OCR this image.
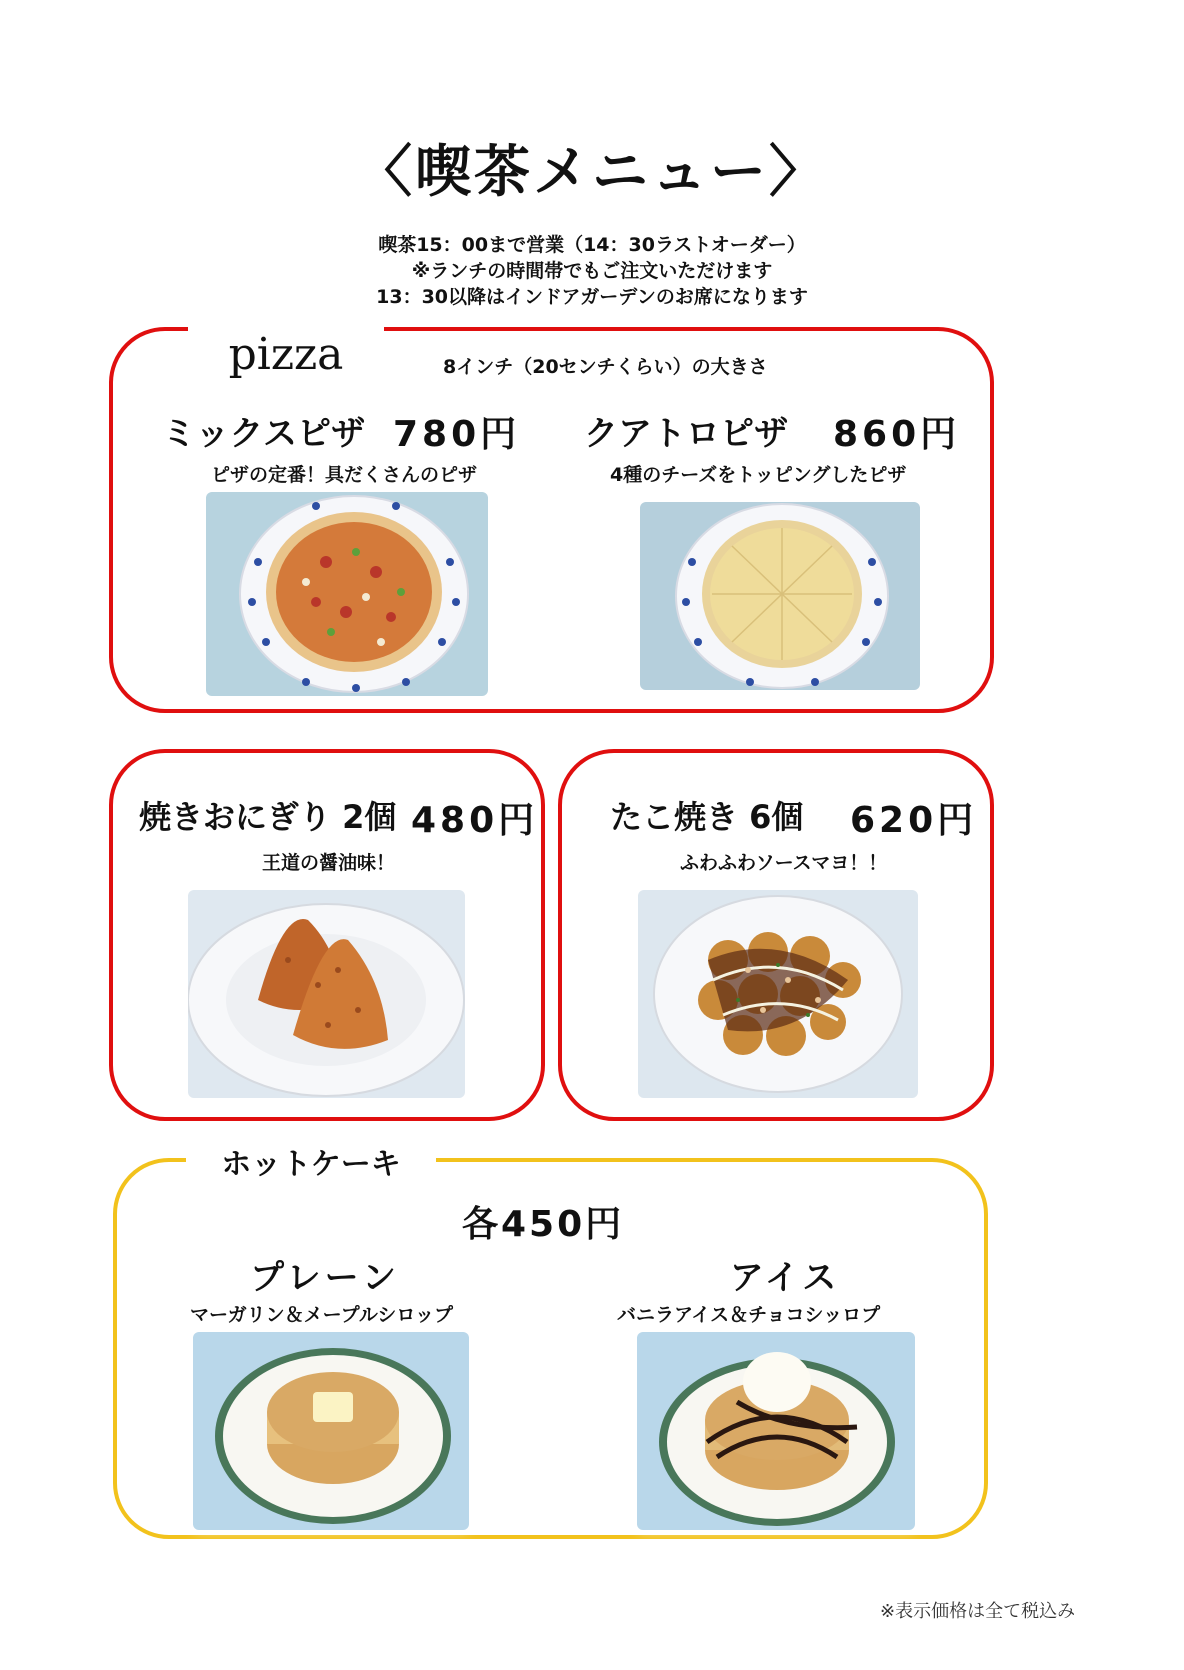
〈喫茶メニュー〉
喫茶15：00まで営業（14：30ラストオーダー）
※ランチの時間帯でもご注文いただけます
13：30以降はインドアガーデンのお席になります
pizza	8インチ（20センチくらい）の大きさ
ミックスピザ 780円
ピザの定番！具だくさんのピザ
クアトロピザ 860円
4種のチーズをトッピングしたピザ
焼きおにぎり 2個 480円
王道の醤油味！
たこ焼き 6個 620円
ふわふわソースマヨ！！
ホットケーキ
各450円
プレーン
マーガリン＆メープルシロップ
アイス
バニラアイス＆チョコシッロプ
※表示価格は全て税込み
